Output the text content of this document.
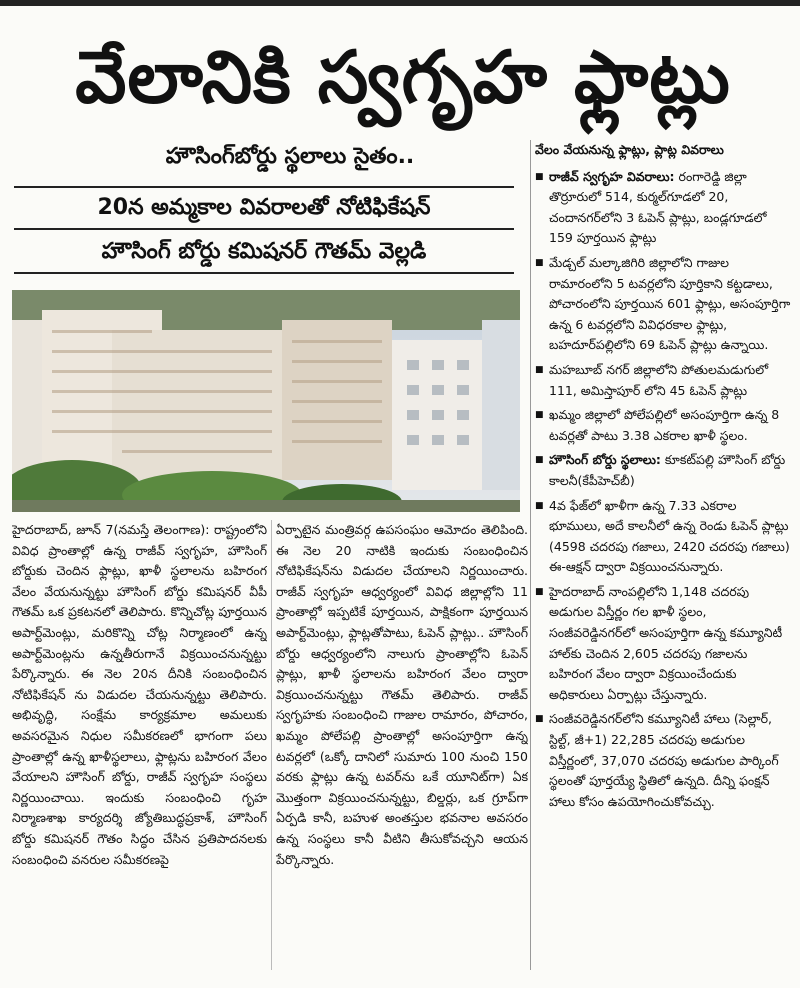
వేలానికి స్వగృహ ఫ్లాట్లు
హౌసింగ్‌బోర్డు స్థలాలు సైతం..
20న అమ్మకాల వివరాలతో నోటిఫికేషన్
హౌసింగ్ బోర్డు కమిషనర్ గౌతమ్ వెల్లడి

హైదరాబాద్, జూన్ 7(నమస్తే తెలంగాణ): రాష్ట్రంలోని వివిధ ప్రాంతాల్లో ఉన్న రాజీవ్ స్వగృహ, హౌసింగ్ బోర్డుకు చెందిన ఫ్లాట్లు, ఖాళీ స్థలాలను బహిరంగ వేలం వేయనున్నట్టు హౌసింగ్ బోర్డు కమిషనర్ వీపీ గౌతమ్ ఒక ప్రకటనలో తెలిపారు. కొన్నిచోట్ల పూర్తయిన అపార్ట్‌మెంట్లు, మరికొన్ని చోట్ల నిర్మాణంలో ఉన్న అపార్ట్‌మెంట్లను ఉన్నతీరుగానే విక్రయించనున్నట్టు పేర్కొన్నారు. ఈ నెల 20న దీనికి సంబంధించిన నోటిఫికేషన్ ను విడుదల చేయనున్నట్టు తెలిపారు. అభివృద్ధి, సంక్షేమ కార్యక్రమాల అమలుకు అవసరమైన నిధుల సమీకరణలో భాగంగా పలు ప్రాంతాల్లో ఉన్న ఖాళీస్థలాలు, ఫ్లాట్లను బహిరంగ వేలం వేయాలని హౌసింగ్ బోర్డు, రాజీవ్ స్వగృహ సంస్థలు నిర్ణయించాయి. ఇందుకు సంబంధించి గృహ నిర్మాణశాఖ కార్యదర్శి జ్యోతిబుద్ధప్రకాశ్, హౌసింగ్ బోర్డు కమిషనర్ గౌతం సిద్ధం చేసిన ప్రతిపాదనలకు సంబంధించి వనరుల సమీకరణపై

ఏర్పాటైన మంత్రివర్గ ఉపసంఘం ఆమోదం తెలిపింది. ఈ నెల 20 నాటికి ఇందుకు సంబంధించిన నోటిఫికేషన్‌ను విడుదల చేయాలని నిర్ణయించారు. రాజీవ్ స్వగృహ ఆధ్వర్యంలో వివిధ జిల్లాల్లోని 11 ప్రాంతాల్లో ఇప్పటికే పూర్తయిన, పాక్షికంగా పూర్తయిన అపార్ట్‌మెంట్లు, ఫ్లాట్లతోపాటు, ఓపెన్ ప్లాట్లు.. హౌసింగ్ బోర్డు ఆధ్వర్యంలోని నాలుగు ప్రాంతాల్లోని ఓపెన్ ప్లాట్లు, ఖాళీ స్థలాలను బహిరంగ వేలం ద్వారా విక్రయించనున్నట్టు గౌతమ్ తెలిపారు. రాజీవ్ స్వగృహకు సంబంధించి గాజుల రామారం, పోచారం, ఖమ్మం పోలేపల్లి ప్రాంతాల్లో అసంపూర్తిగా ఉన్న టవర్లలో (ఒక్కో దానిలో సుమారు 100 నుంచి 150 వరకు ఫ్లాట్లు ఉన్న టవర్‌ను ఒకే యూనిట్‌గా) ఏక మొత్తంగా విక్రయించనున్నట్టు, బిల్డర్లు, ఒక గ్రూప్‌గా ఏర్పడి కానీ, బహుళ అంతస్తుల భవనాల అవసరం ఉన్న సంస్థలు కానీ వీటిని తీసుకోవచ్చని ఆయన పేర్కొన్నారు.

వేలం వేయనున్న ఫ్లాట్లు, ప్లాట్ల వివరాలు
■ రాజీవ్ స్వగృహ వివరాలు: రంగారెడ్డి జిల్లా తొర్రూరులో 514, కుర్మల్‌గూడలో 20, చందానగర్‌లోని 3 ఓపెన్ ప్లాట్లు, బండ్లగూడలో 159 పూర్తయిన ఫ్లాట్లు
■ మేడ్చల్ మల్కాజిగిరి జిల్లాలోని గాజుల రామారంలోని 5 టవర్లలోని పూర్తికాని కట్టడాలు, పోచారంలోని పూర్తయిన 601 ఫ్లాట్లు, అసంపూర్తిగా ఉన్న 6 టవర్లలోని వివిధరకాల ఫ్లాట్లు, బహదూర్‌పల్లిలోని 69 ఓపెన్ ప్లాట్లు ఉన్నాయి.
■ మహబూబ్ నగర్ జిల్లాలోని పోతులమడుగులో 111, అమిస్తాపూర్ లోని 45 ఓపెన్ ప్లాట్లు
■ ఖమ్మం జిల్లాలో పోలేపల్లిలో అసంపూర్తిగా ఉన్న 8 టవర్లతో పాటు 3.38 ఎకరాల ఖాళీ స్థలం.
■ హౌసింగ్ బోర్డు స్థలాలు: కూకట్‌పల్లి హౌసింగ్ బోర్డు కాలనీ(కేపీహెచ్‌బీ)
■ 4వ ఫేజ్‌లో ఖాళీగా ఉన్న 7.33 ఎకరాల భూములు, అదే కాలనీలో ఉన్న రెండు ఓపెన్ ప్లాట్లు (4598 చదరపు గజాలు, 2420 చదరపు గజాలు) ఈ-ఆక్షన్ ద్వారా విక్రయించనున్నారు.
■ హైదరాబాద్ నాంపల్లిలోని 1,148 చదరపు అడుగుల విస్తీర్ణం గల ఖాళీ స్థలం, సంజీవరెడ్డినగర్‌లో అసంపూర్తిగా ఉన్న కమ్యూనిటీ హాల్‌కు చెందిన 2,605 చదరపు గజాలను బహిరంగ వేలం ద్వారా విక్రయించేందుకు అధికారులు ఏర్పాట్లు చేస్తున్నారు.
■ సంజీవరెడ్డినగర్‌లోని కమ్యూనిటీ హాలు (సెల్లార్, స్టిల్ట్, జీ+1) 22,285 చదరపు అడుగుల విస్తీర్ణంలో, 37,070 చదరపు అడుగుల పార్కింగ్ స్థలంతో పూర్తయ్యే స్థితిలో ఉన్నది. దీన్ని ఫంక్షన్ హాలు కోసం ఉపయోగించుకోవచ్చు.
